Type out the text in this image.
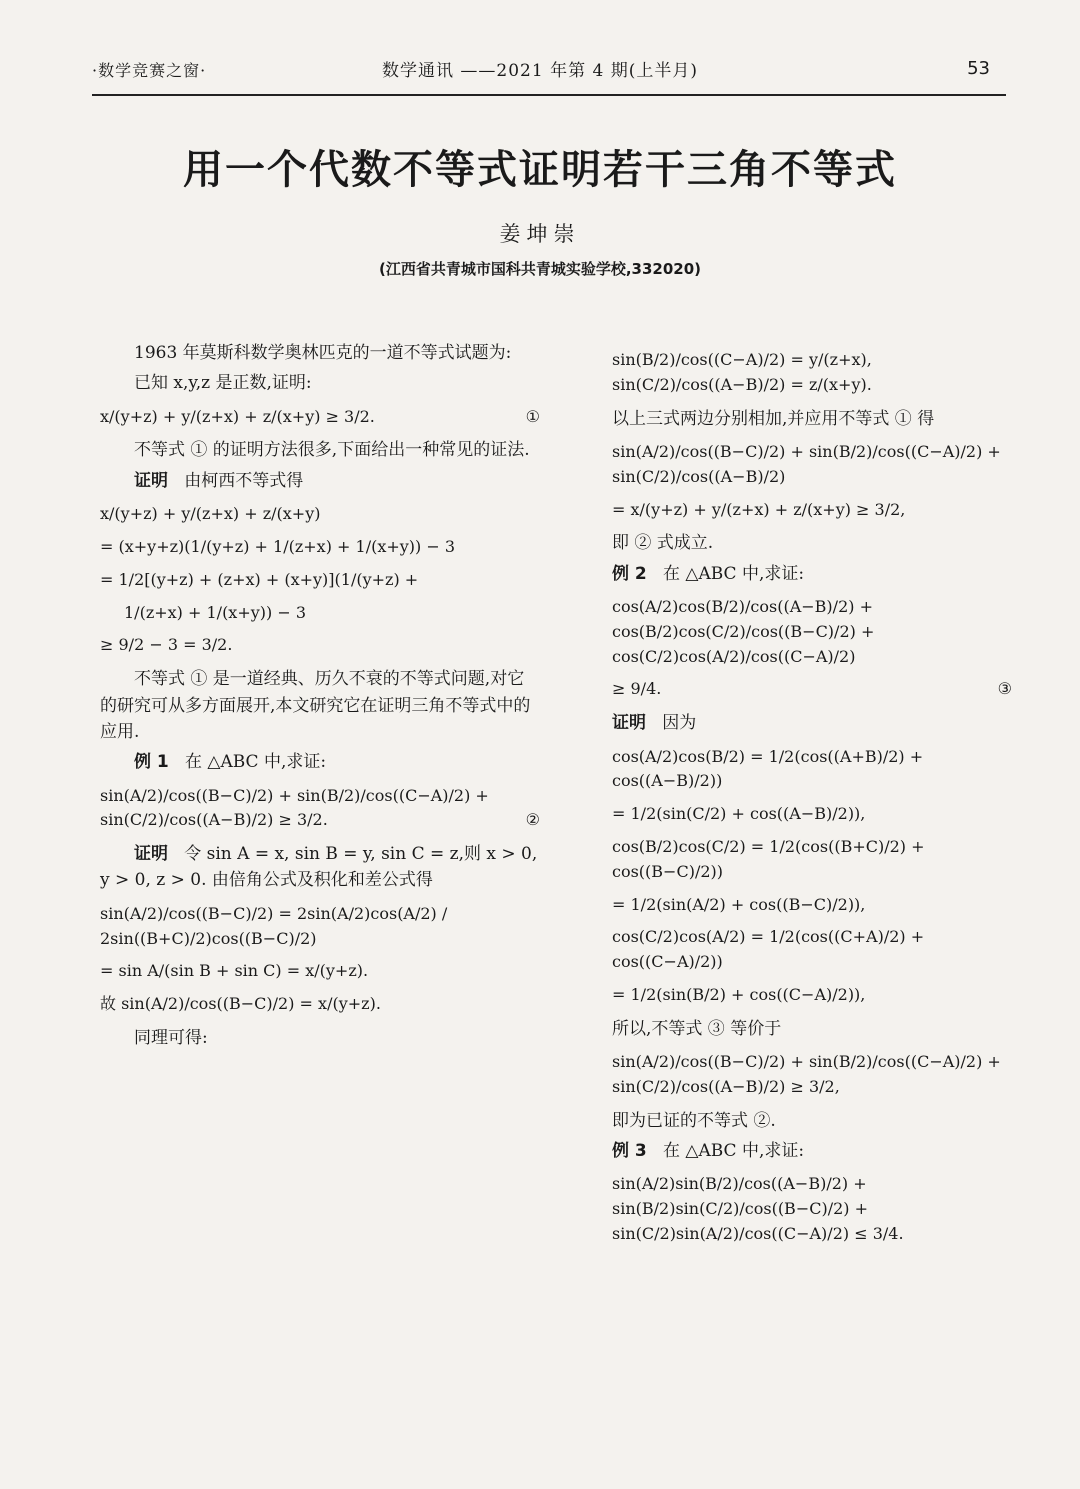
·数学竞赛之窗·	数学通讯 ——2021 年第 4 期(上半月)	53
用一个代数不等式证明若干三角不等式
姜坤崇
(江西省共青城市国科共青城实验学校,332020)

1963 年莫斯科数学奥林匹克的一道不等式试题为:

已知 x,y,z 是正数,证明:

x/(y+z) + y/(z+x) + z/(x+y) ≥ 3/2.	①

不等式 ① 的证明方法很多,下面给出一种常见的证法.

证明 由柯西不等式得

x/(y+z) + y/(z+x) + z/(x+y)
= (x+y+z)(1/(y+z) + 1/(z+x) + 1/(x+y)) − 3
= 1/2[(y+z) + (z+x) + (x+y)](1/(y+z) +
1/(z+x) + 1/(x+y)) − 3
≥ 9/2 − 3 = 3/2.

不等式 ① 是一道经典、历久不衰的不等式问题,对它的研究可从多方面展开,本文研究它在证明三角不等式中的应用.

例 1 在 △ABC 中,求证:

sin(A/2)/cos((B−C)/2) + sin(B/2)/cos((C−A)/2) + sin(C/2)/cos((A−B)/2) ≥ 3/2.	②

证明 令 sin A = x, sin B = y, sin C = z,则 x > 0, y > 0, z > 0. 由倍角公式及积化和差公式得

sin(A/2)/cos((B−C)/2) = 2sin(A/2)cos(A/2) / 2sin((B+C)/2)cos((B−C)/2)
= sin A/(sin B + sin C) = x/(y+z).
故 sin(A/2)/cos((B−C)/2) = x/(y+z).

同理可得:

sin(B/2)/cos((C−A)/2) = y/(z+x), sin(C/2)/cos((A−B)/2) = z/(x+y).

以上三式两边分别相加,并应用不等式 ① 得

sin(A/2)/cos((B−C)/2) + sin(B/2)/cos((C−A)/2) + sin(C/2)/cos((A−B)/2)
= x/(y+z) + y/(z+x) + z/(x+y) ≥ 3/2,

即 ② 式成立.

例 2 在 △ABC 中,求证:

cos(A/2)cos(B/2)/cos((A−B)/2) + cos(B/2)cos(C/2)/cos((B−C)/2) + cos(C/2)cos(A/2)/cos((C−A)/2)
≥ 9/4.	③

证明 因为

cos(A/2)cos(B/2) = 1/2(cos((A+B)/2) + cos((A−B)/2))
= 1/2(sin(C/2) + cos((A−B)/2)),
cos(B/2)cos(C/2) = 1/2(cos((B+C)/2) + cos((B−C)/2))
= 1/2(sin(A/2) + cos((B−C)/2)),
cos(C/2)cos(A/2) = 1/2(cos((C+A)/2) + cos((C−A)/2))
= 1/2(sin(B/2) + cos((C−A)/2)),

所以,不等式 ③ 等价于

sin(A/2)/cos((B−C)/2) + sin(B/2)/cos((C−A)/2) + sin(C/2)/cos((A−B)/2) ≥ 3/2,

即为已证的不等式 ②.

例 3 在 △ABC 中,求证:

sin(A/2)sin(B/2)/cos((A−B)/2) + sin(B/2)sin(C/2)/cos((B−C)/2) + sin(C/2)sin(A/2)/cos((C−A)/2) ≤ 3/4.
